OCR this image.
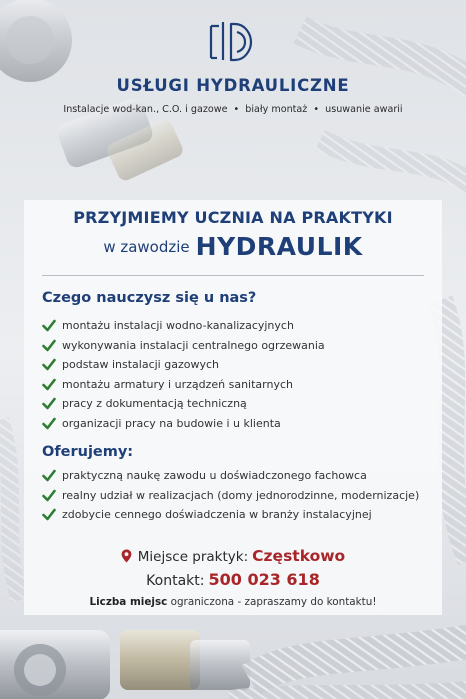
USŁUGI HYDRAULICZNE
Instalacje wod-kan., C.O. i gazowe • biały montaż • usuwanie awarii
PRZYJMIEMY UCZNIA NA PRAKTYKI
w zawodzie HYDRAULIK
Czego nauczysz się u nas?
montażu instalacji wodno-kanalizacyjnych
wykonywania instalacji centralnego ogrzewania
podstaw instalacji gazowych
montażu armatury i urządzeń sanitarnych
pracy z dokumentacją techniczną
organizacji pracy na budowie i u klienta
Oferujemy:
praktyczną naukę zawodu u doświadczonego fachowca
realny udział w realizacjach (domy jednorodzinne, modernizacje)
zdobycie cennego doświadczenia w branży instalacyjnej
Miejsce praktyk: Częstkowo
Kontakt: 500 023 618
Liczba miejsc ograniczona - zapraszamy do kontaktu!
